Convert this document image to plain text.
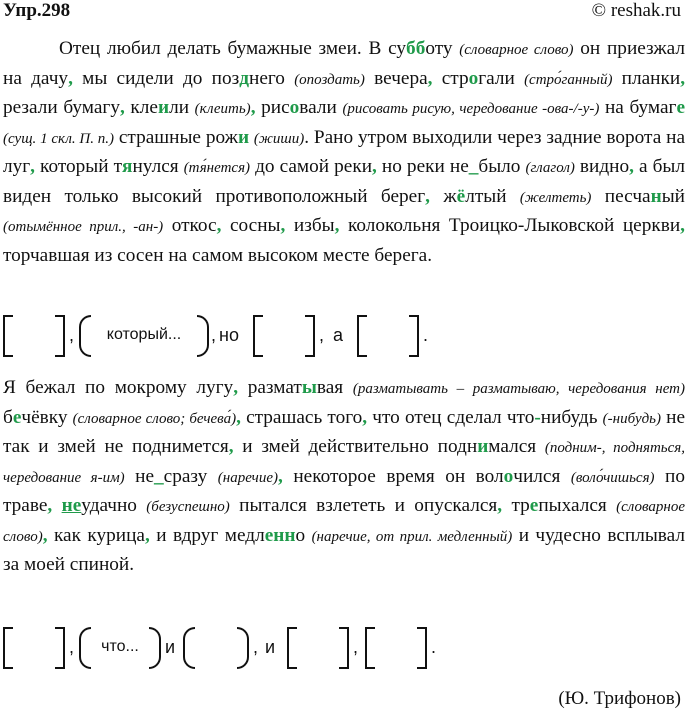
Упр.298	© reshak.ru

Отец любил делать бумажные змеи. В субботу (словарное слово) он приезжал на дачу, мы сидели до позднего (опоздать) вечера, строгали (стро́ганный) планки, резали бумагу, клеили (клеить), рисовали (рисовать рисую, чередование -ова-/-у-) на бумаге (сущ. 1 скл. П. п.) страшные рожи (жиши). Рано утром выходили через задние ворота на луг, который тянулся (тя́нется) до самой реки, но реки не_было (глагол) видно, а был виден только высокий противоположный берег, жёлтый (желтеть) песчаный (отымённое прил., -ан-) откос, сосны, избы, колокольня Троицко-Лыковской церкви, торчавшая из сосен на самом высоком месте берега.

,	который...	, но	, а	.

Я бежал по мокрому лугу, разматывая (разматывать – разматываю, чередования нет) бечёвку (словарное слово; бечева́), страшась того, что отец сделал что-нибудь (-нибудь) не так и змей не поднимется, и змей действительно поднимался (подним-, подняться, чередование я-им) не_сразу (наречие), некоторое время он волочился (воло́чишься) по траве, неудачно (безуспешно) пытался взлететь и опускался, трепыхался (словарное слово), как курица, и вдруг медленно (наречие, от прил. медленный) и чудесно всплывал за моей спиной.

,	что...	и	, и	,	.
(Ю. Трифонов)
